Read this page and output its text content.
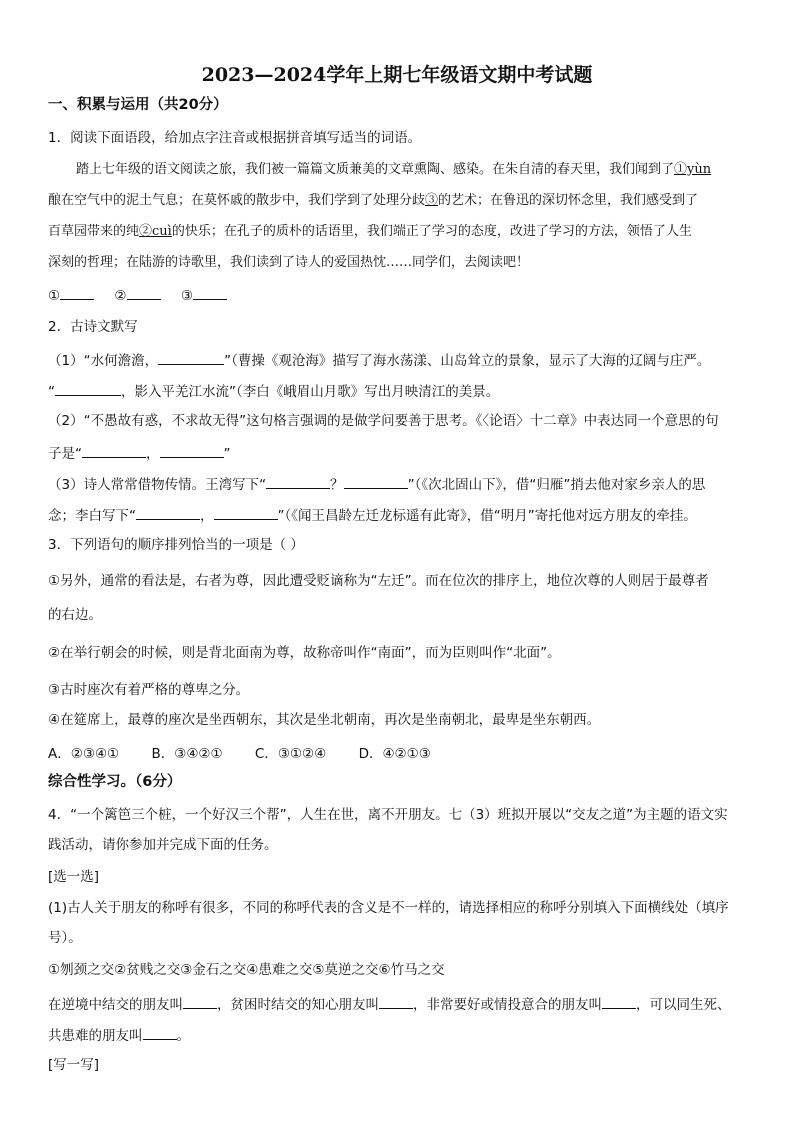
2023—2024学年上期七年级语文期中考试题
一、积累与运用（共20分）
1．阅读下面语段，给加点字注音或根据拼音填写适当的词语。
踏上七年级的语文阅读之旅，我们被一篇篇文质兼美的文章熏陶、感染。在朱自清的春天里，我们闻到了①yùn
酿在空气中的泥土气息；在莫怀戚的散步中，我们学到了处理分歧③的艺术；在鲁迅的深切怀念里，我们感受到了
百草园带来的纯②cuì的快乐；在孔子的质朴的话语里，我们端正了学习的态度，改进了学习的方法，领悟了人生
深刻的哲理；在陆游的诗歌里，我们读到了诗人的爱国热忱……同学们，去阅读吧！
①	②	③
2．古诗文默写
（1）“水何澹澹，	”（曹操《观沧海》描写了海水荡漾、山岛耸立的景象，显示了大海的辽阔与庄严。
“	，影入平羌江水流”（李白《峨眉山月歌》写出月映清江的美景。
（2）“不愚故有惑，不求故无得”这句格言强调的是做学问要善于思考。《〈论语〉十二章》中表达同一个意思的句
子是“	，	”
（3）诗人常常借物传情。王湾写下“	？	”（《次北固山下》，借“归雁”捎去他对家乡亲人的思
念；李白写下“	，	”（《闻王昌龄左迁龙标遥有此寄》，借“明月”寄托他对远方朋友的牵挂。
3．下列语句的顺序排列恰当的一项是（ ）
①另外，通常的看法是，右者为尊，因此遭受贬谪称为“左迁”。而在位次的排序上，地位次尊的人则居于最尊者
的右边。
②在举行朝会的时候，则是背北面南为尊，故称帝叫作“南面”，而为臣则叫作“北面”。
③古时座次有着严格的尊卑之分。
④在筵席上，最尊的座次是坐西朝东，其次是坐北朝南，再次是坐南朝北，最卑是坐东朝西。
A．②③④① B．③④②① C．③①②④ D．④②①③
综合性学习。（6分）
4．“一个篱笆三个桩，一个好汉三个帮”，人生在世，离不开朋友。七（3）班拟开展以“交友之道”为主题的语文实
践活动，请你参加并完成下面的任务。
[选一选]
(1)古人关于朋友的称呼有很多，不同的称呼代表的含义是不一样的，请选择相应的称呼分别填入下面横线处（填序
号）。
①刎颈之交②贫贱之交③金石之交④患难之交⑤莫逆之交⑥竹马之交
在逆境中结交的朋友叫	，贫困时结交的知心朋友叫	，非常要好或情投意合的朋友叫	，可以同生死、
共患难的朋友叫	。
[写一写]
